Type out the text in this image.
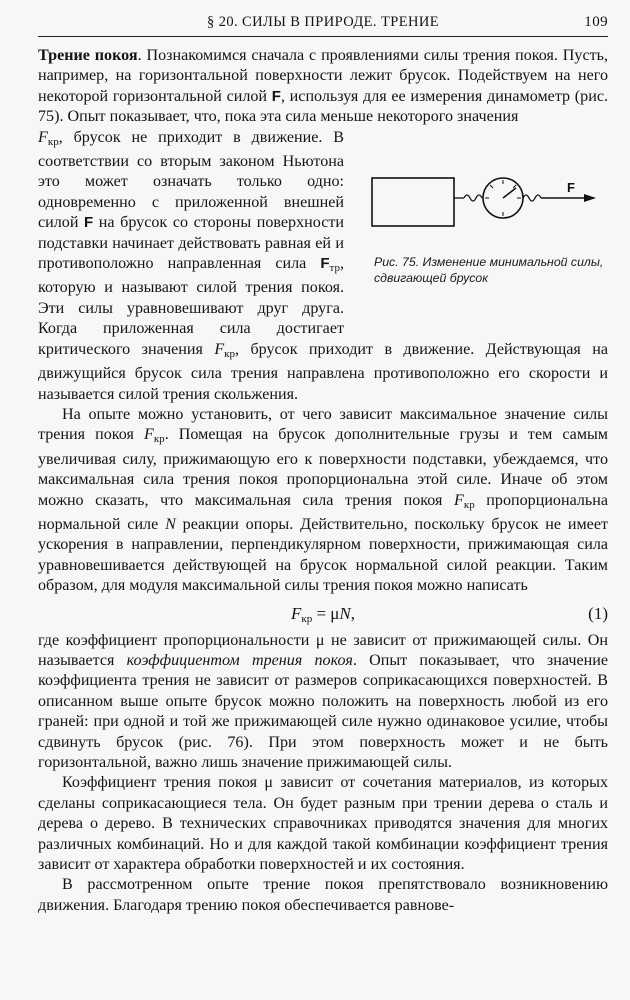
§ 20. СИЛЫ В ПРИРОДЕ. ТРЕНИЕ	109

Трение покоя. Познакомимся сначала с проявлениями силы трения покоя. Пусть, например, на горизонтальной поверхности лежит брусок. Подействуем на него некоторой горизонтальной силой F, используя для ее измерения динамометр (рис. 75). Опыт показывает, что, пока эта сила меньше некоторого значения

F
Рис. 75. Изменение минимальной силы, сдвигающей брусок
$F_{кр}$, брусок не приходит в движение. В соответствии со вторым законом Ньютона это может означать только одно: одновременно с приложенной внешней силой F на брусок со стороны поверхности подставки начинает действовать равная ей и противоположно направленная сила $F_{тр}$, которую и называют силой трения покоя. Эти силы уравновешивают друг друга. Когда приложенная сила достигает критического значения $F_{кр}$, брусок приходит в движение. Действующая на движущийся брусок сила трения направлена противоположно его скорости и называется силой трения скольжения.

На опыте можно установить, от чего зависит максимальное значение силы трения покоя $F_{кр}$. Помещая на брусок дополнительные грузы и тем самым увеличивая силу, прижимающую его к поверхности подставки, убеждаемся, что максимальная сила трения покоя пропорциональна этой силе. Иначе об этом можно сказать, что максимальная сила трения покоя $F_{кр}$ пропорциональна нормальной силе N реакции опоры. Действительно, поскольку брусок не имеет ускорения в направлении, перпендикулярном поверхности, прижимающая сила уравновешивается действующей на брусок нормальной силой реакции. Таким образом, для модуля максимальной силы трения покоя можно написать

$F_{кр} = \mu N$,	(1)

где коэффициент пропорциональности μ не зависит от прижимающей силы. Он называется коэффициентом трения покоя. Опыт показывает, что значение коэффициента трения не зависит от размеров соприкасающихся поверхностей. В описанном выше опыте брусок можно положить на поверхность любой из его граней: при одной и той же прижимающей силе нужно одинаковое усилие, чтобы сдвинуть брусок (рис. 76). При этом поверхность может и не быть горизонтальной, важно лишь значение прижимающей силы.

Коэффициент трения покоя μ зависит от сочетания материалов, из которых сделаны соприкасающиеся тела. Он будет разным при трении дерева о сталь и дерева о дерево. В технических справочниках приводятся значения для многих различных комбинаций. Но и для каждой такой комбинации коэффициент трения зависит от характера обработки поверхностей и их состояния.

В рассмотренном опыте трение покоя препятствовало возникновению движения. Благодаря трению покоя обеспечивается равнове-
